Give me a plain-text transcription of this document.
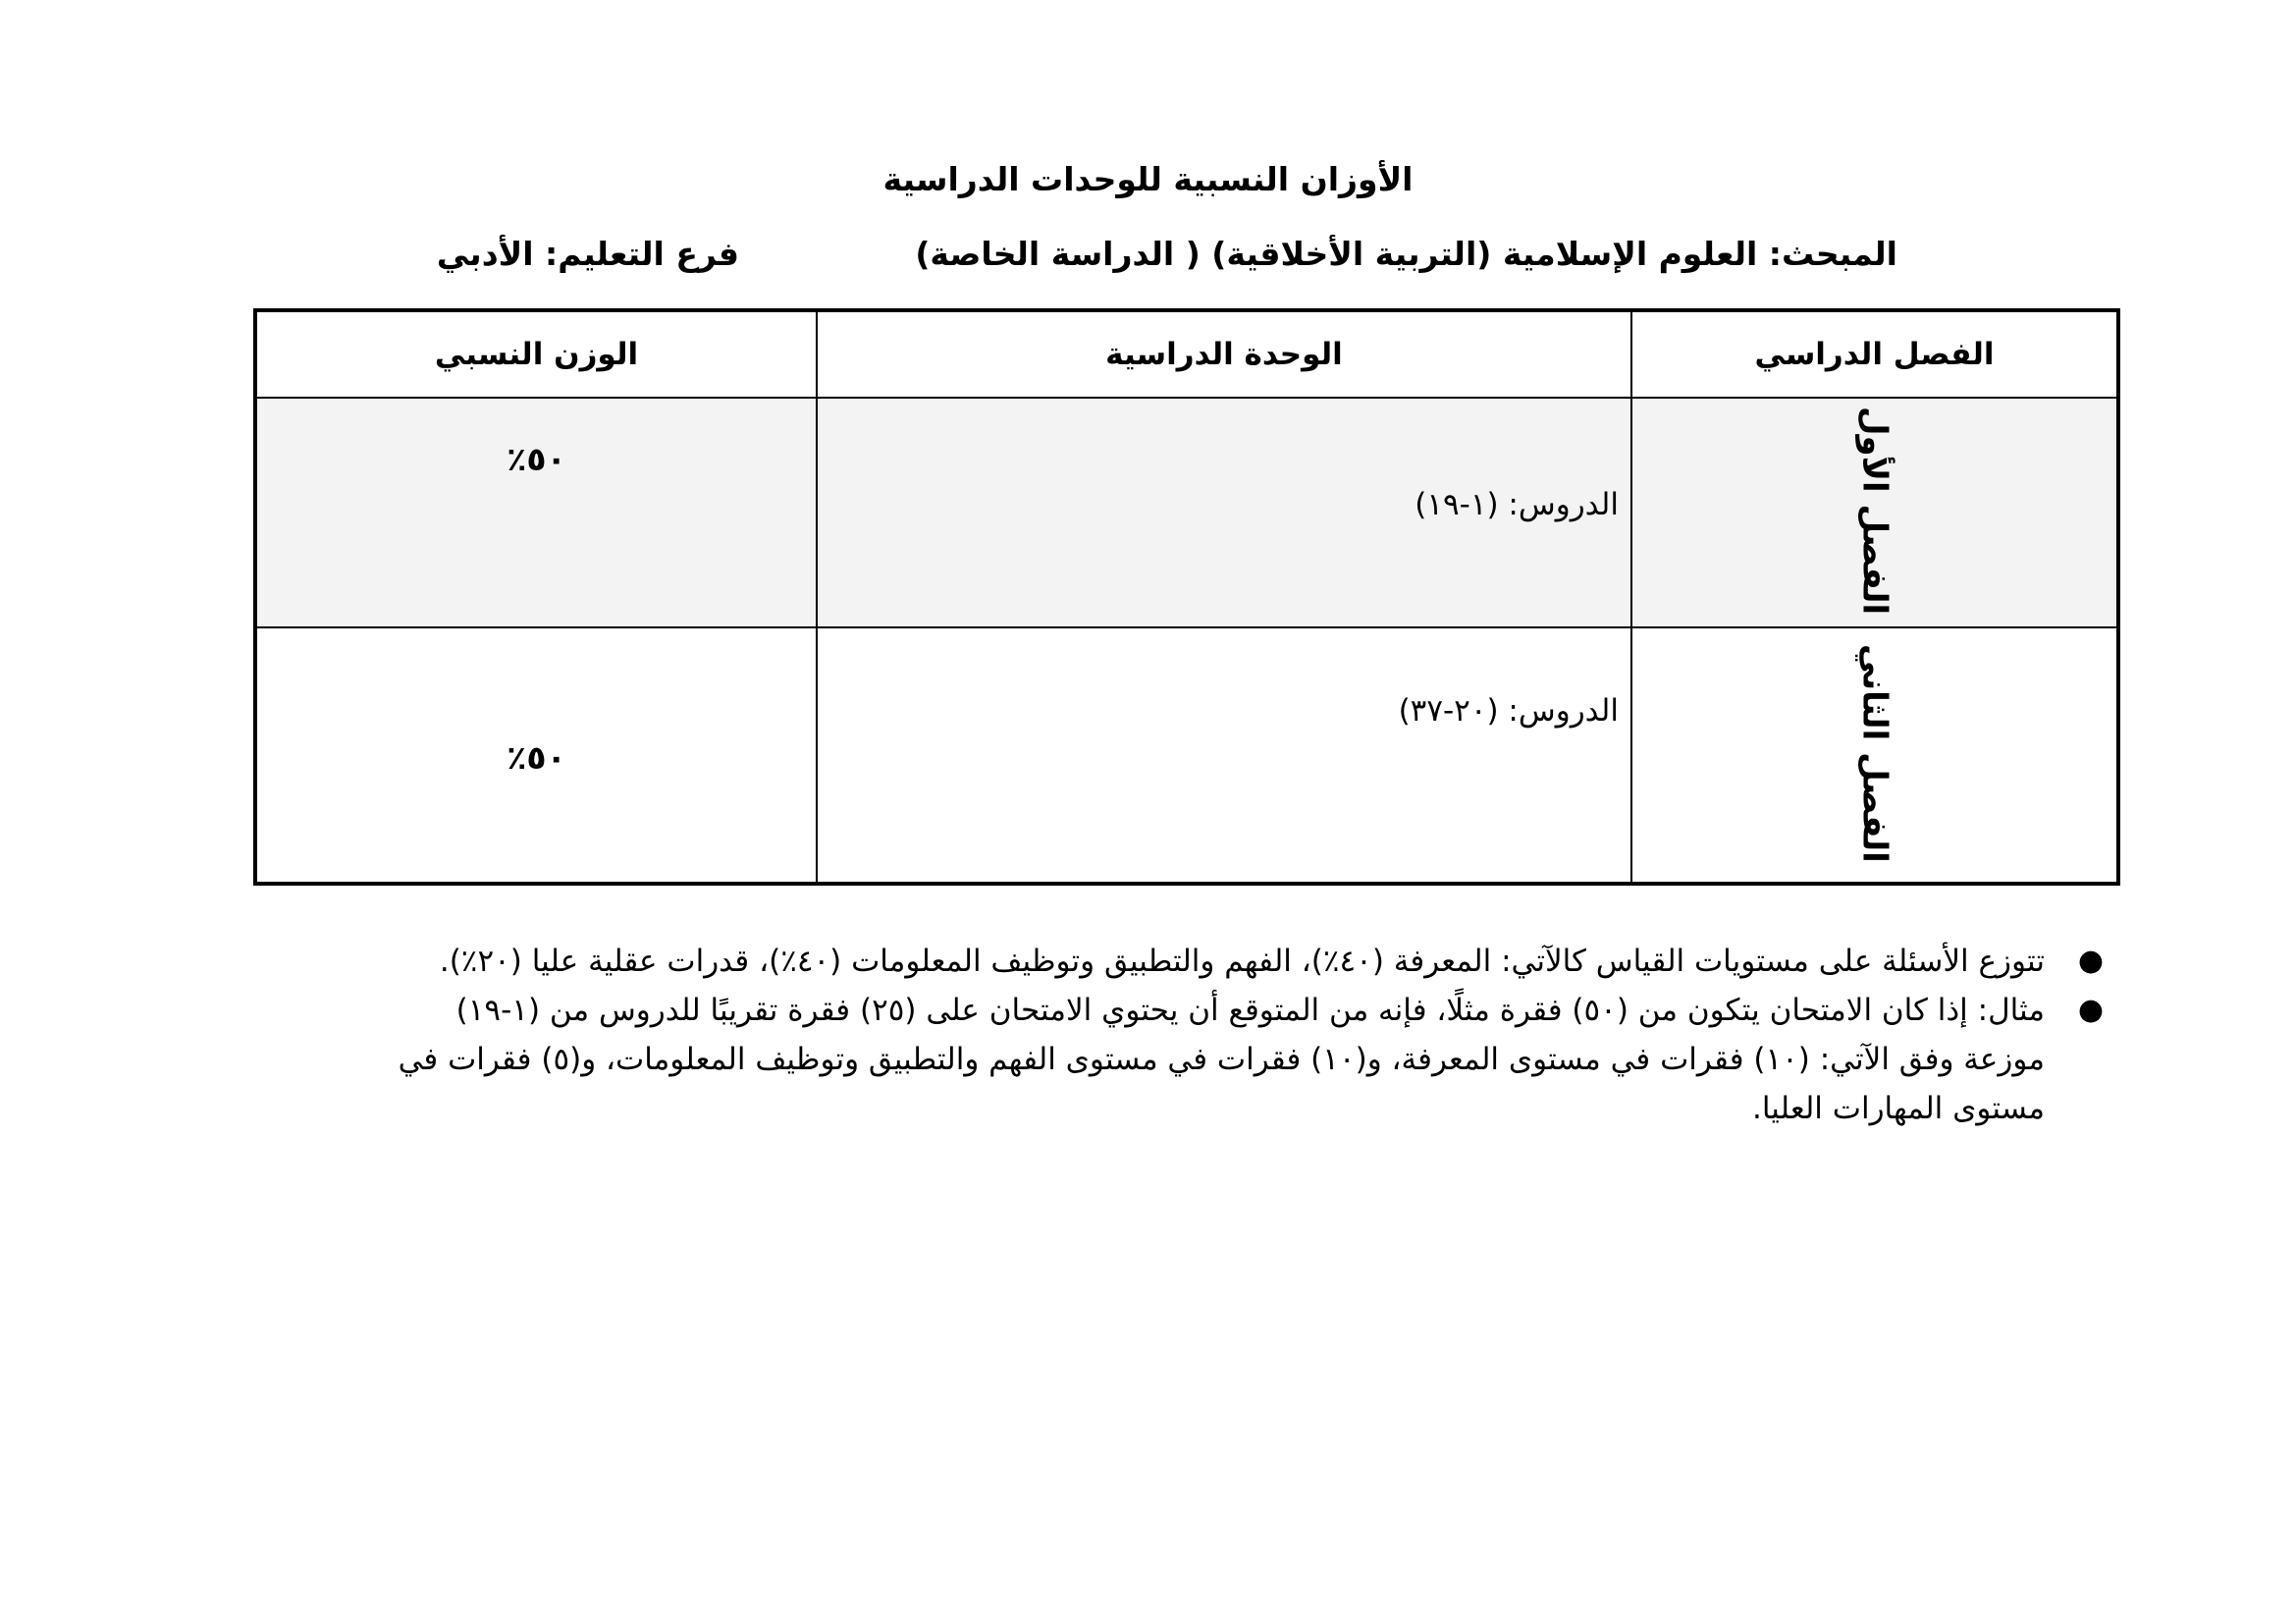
الأوزان النسبية للوحدات الدراسية
المبحث: العلوم الإسلامية (التربية الأخلاقية) ( الدراسة الخاصة)
فرع التعليم: الأدبي
الفصل الدراسي	الوحدة الدراسية	الوزن النسبي
الفصل الأول	الدروس: (١-١٩)	٥٠٪

الفصل الثاني	الدروس: (٢٠-٣٧)	٥٠٪
●
تتوزع الأسئلة على مستويات القياس كالآتي: المعرفة (٤٠٪)، الفهم والتطبيق وتوظيف المعلومات (٤٠٪)، قدرات عقلية عليا (٢٠٪).
●
مثال: إذا كان الامتحان يتكون من (٥٠) فقرة مثلًا، فإنه من المتوقع أن يحتوي الامتحان على (٢٥) فقرة تقريبًا للدروس من (١-١٩)
موزعة وفق الآتي: (١٠) فقرات في مستوى المعرفة، و(١٠) فقرات في مستوى الفهم والتطبيق وتوظيف المعلومات، و(٥) فقرات في
مستوى المهارات العليا.
